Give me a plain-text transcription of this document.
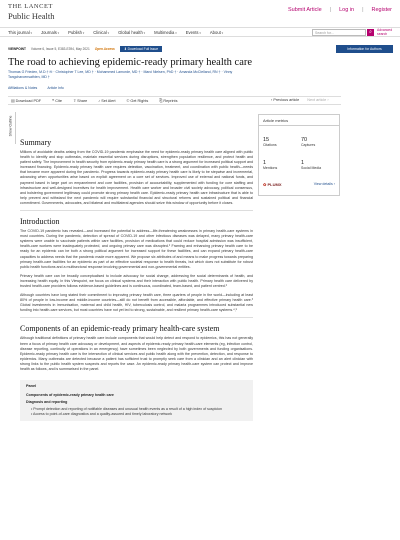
THE LANCET
Public Health
Submit Article | Log in | Register
This journal ▾	Journals ▾	Publish ▾	Clinical ▾	Global health ▾	Multimedia ▾	Events ▾	About ▾	Search for...	⌕	Advanced search
VIEWPOINT Volume 6, Issue 5, E383-E394, May 2021 Open Access	⬇ Download Full Issue	Information for Authors
The road to achieving epidemic-ready primary health care
Thomas G Frieden, M.D.† ✉ · Christopher T Lee, MD † · Mohammed Lamorde, MD † · Marci Nielsen, PhD † · Amanda McClelland, RN † · Vinny Tangcharoensathien, MD †
Affiliations & Notes	Article Info
▤Download PDF	❝Cite	⇪Share	♪Set Alert	©Get Rights	⎘Reprints	‹ Previous article Next article ›
Show Outline
Summary

Millions of avoidable deaths arising from the COVID-19 pandemic emphasise the need for epidemic-ready primary health care aligned with public health to identify and stop outbreaks, maintain essential services during disruptions, strengthen population resilience, and protect health and patient safety. The improvement in health security from epidemic-ready primary health care is a strong argument for increased political support and increased financing. Epidemic-ready primary health care requires detection, vaccination, treatment, and coordination with public health—needs that became more apparent during the pandemic. Progress towards epidemic-ready primary health care is likely to be stepwise and incremental, advancing when opportunities arise based on explicit agreement on a core set of services. Improved use of external and national funds, and payment based in large part on empanelment and core facilities, provision of accountability, supplemented with funding for core staffing and infrastructure and well-designed incentives for health improvement. Health care worker and broader civil society advocacy, political consensus, and bolstering government legitimacy could promote strong primary health care. Epidemic-ready primary health care infrastructure that is able to help prevent and withstand the next pandemic will require substantial financial and structural reforms and sustained political and financial commitment. Governments, advocates, and bilateral and multilateral agencies should seize this window of opportunity before it closes.

Introduction

The COVID-19 pandemic has revealed—and increased the potential to address—life-threatening weaknesses in primary health-care systems in most countries. During the pandemic, detection of spread of COVID-19 and other infectious diseases was delayed, many primary health-care systems were unable to vaccinate patients within care facilities, provision of medications that could reduce hospital admission was insufficient, health-care workers were inadequately protected, and ongoing primary care was disrupted.¹ Framing and enhancing primary health care to be ready for an epidemic can be both a strong political argument for increased support for these facilities, and can expand primary health-care capacities to address needs that the pandemic made more apparent. We propose six attributes of and means to make progress towards preparing primary health-care facilities for an epidemic as part of an effective societal response to health threats, but which does not substitute for robust public health functions and a multisectoral response involving governmental and non-governmental entities.

Primary health care can be broadly conceptualised to include advocacy for social change, addressing the social determinants of health, and increasing health equity. In this Viewpoint, we focus on clinical systems and their interaction with public health. Primary health care delivered by trusted health-care providers follows evidence-based guidelines and is continuous, coordinated, team-based, and patient centred.²

Although countries have long stated their commitment to improving primary health care, three quarters of people in the world—including at least 80% of people in low-income and middle-income countries—still do not benefit from accessible, affordable, and effective primary health care.³ Global investments in immunisation, maternal and child health, HIV, tuberculosis control, and malaria programmes introduced substantial new funding into health-care services, but most countries have not yet led to strong, sustainable, and resilient primary health-care systems.⁴,⁵

Components of an epidemic-ready primary health-care system

Although traditional definitions of primary health care include components that would help detect and respond to epidemics, this has not generally been a focus of primary health care advocacy or development, and aspects of epidemic-ready primary health-care elements (eg, infection control, disease reporting, continuity of operations in an emergency) have sometimes been neglected by both governments and funding organisations. Epidemic-ready primary health care is the intersection of clinical services and public health along with the prevention, detection, and response to epidemics. Many outbreaks are detected because a patient has sufficient trust to promptly seek care from a clinician and an alert clinician with strong links to the public health system suspects and reports the case. An epidemic-ready primary health-care system can protect and improve health as follows, and is summarised in the panel.

Panel
Components of epidemic-ready primary health care
Diagnosis and reporting
• Prompt detection and reporting of notifiable diseases and unusual health events as a result of a high index of suspicion
• Access to point-of-care diagnostics and a quality-assured and timely laboratory network
Article metrics
15
Citations
70
Captures
1
Mentions
1
Social Media
✿ PLUMX	View details ›
